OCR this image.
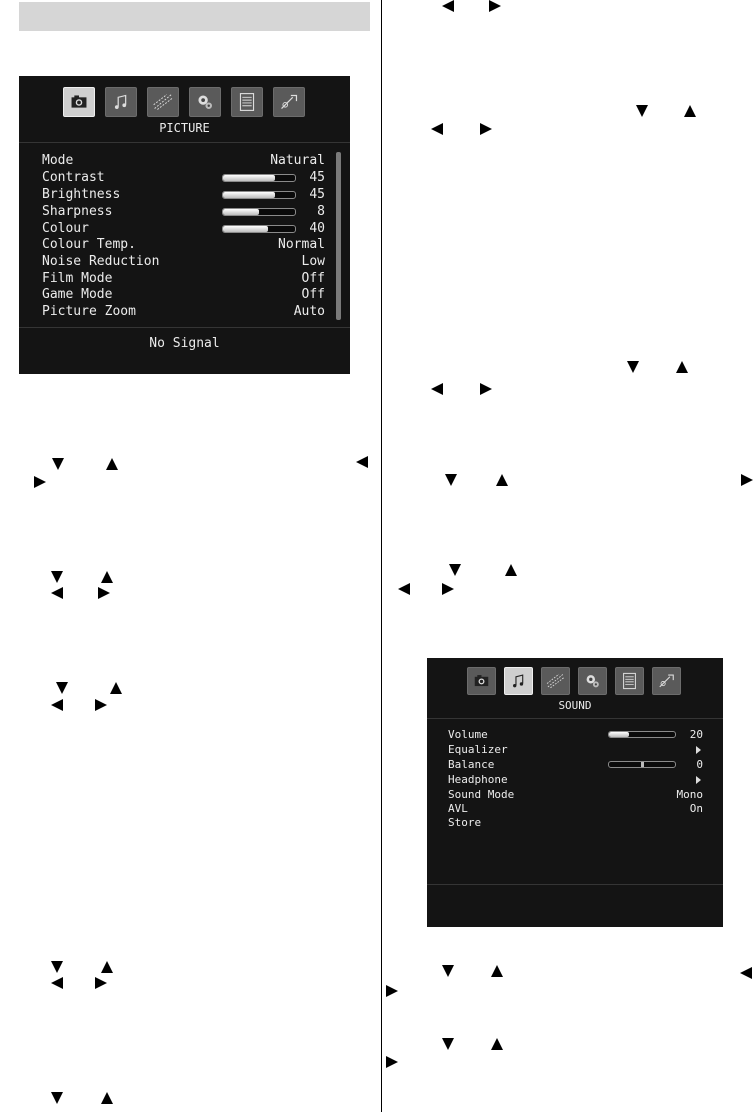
PICTURE
Mode	Natural
Contrast	45
Brightness	45
Sharpness	8
Colour	40
Colour Temp.	Normal
Noise Reduction	Low
Film Mode	Off
Game Mode	Off
Picture Zoom	Auto
No Signal
SOUND
Volume	20
Equalizer
Balance	0
Headphone
Sound Mode	Mono
AVL	On
Store
